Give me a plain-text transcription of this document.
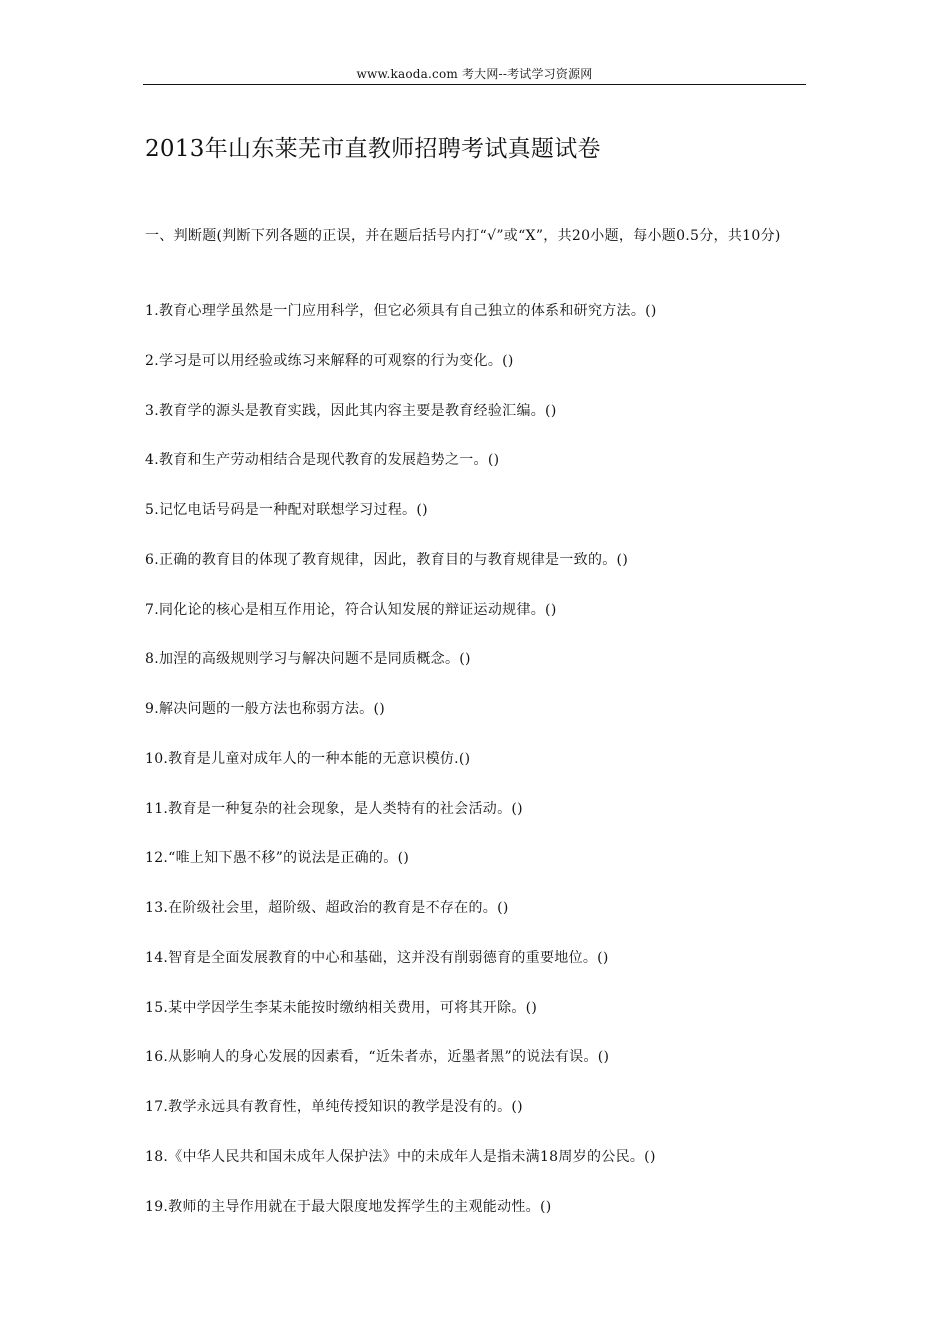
www.kaoda.com 考大网--考试学习资源网
2013年山东莱芜市直教师招聘考试真题试卷
一、判断题(判断下列各题的正误，并在题后括号内打“√”或“X”，共20小题，每小题0.5分，共10分)
1.教育心理学虽然是一门应用科学，但它必须具有自己独立的体系和研究方法。()
2.学习是可以用经验或练习来解释的可观察的行为变化。()
3.教育学的源头是教育实践，因此其内容主要是教育经验汇编。()
4.教育和生产劳动相结合是现代教育的发展趋势之一。()
5.记忆电话号码是一种配对联想学习过程。()
6.正确的教育目的体现了教育规律，因此，教育目的与教育规律是一致的。()
7.同化论的核心是相互作用论，符合认知发展的辩证运动规律。()
8.加涅的高级规则学习与解决问题不是同质概念。()
9.解决问题的一般方法也称弱方法。()
10.教育是儿童对成年人的一种本能的无意识模仿.()
11.教育是一种复杂的社会现象，是人类特有的社会活动。()
12.“唯上知下愚不移”的说法是正确的。()
13.在阶级社会里，超阶级、超政治的教育是不存在的。()
14.智育是全面发展教育的中心和基础，这并没有削弱德育的重要地位。()
15.某中学因学生李某未能按时缴纳相关费用，可将其开除。()
16.从影响人的身心发展的因素看，“近朱者赤，近墨者黑”的说法有误。()
17.教学永远具有教育性，单纯传授知识的教学是没有的。()
18.《中华人民共和国未成年人保护法》中的未成年人是指未满18周岁的公民。()
19.教师的主导作用就在于最大限度地发挥学生的主观能动性。()
